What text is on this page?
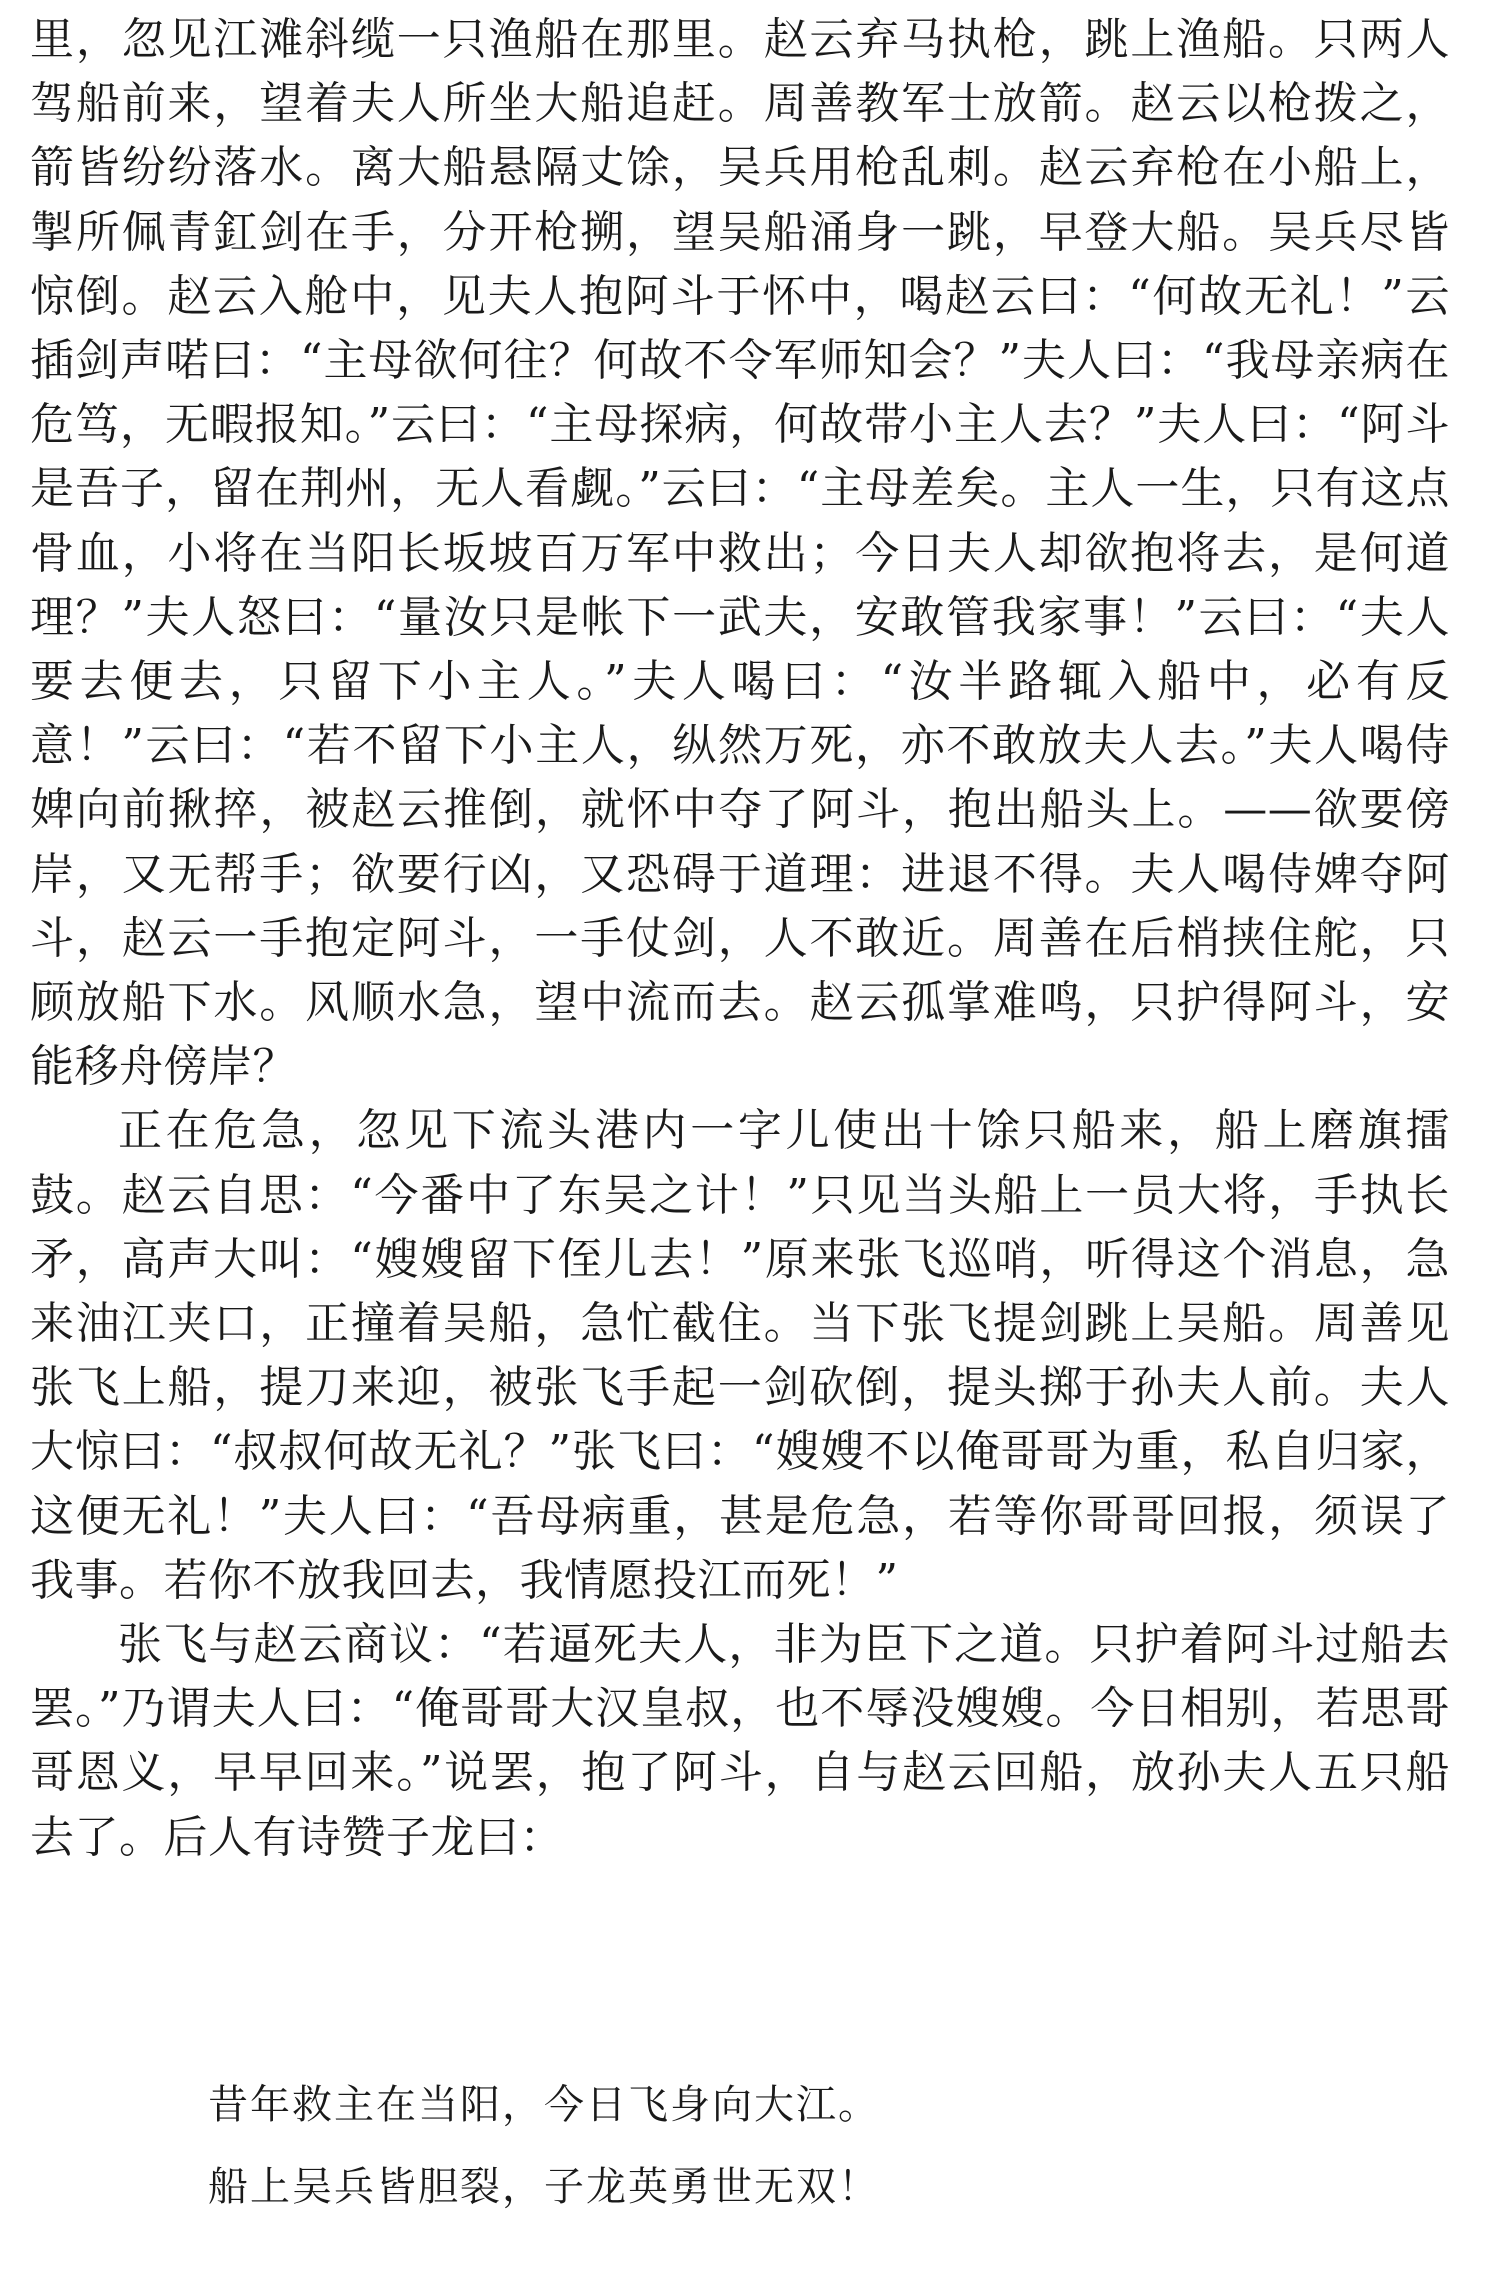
里，忽见江滩斜缆一只渔船在那里。赵云弃马执枪，跳上渔船。只两人驾船前来，望着夫人所坐大船追赶。周善教军士放箭。赵云以枪拨之，箭皆纷纷落水。离大船悬隔丈馀，吴兵用枪乱刺。赵云弃枪在小船上，掣所佩青釭剑在手，分开枪搠，望吴船涌身一跳，早登大船。吴兵尽皆惊倒。赵云入舱中，见夫人抱阿斗于怀中，喝赵云曰：“何故无礼！”云插剑声喏曰：“主母欲何往？何故不令军师知会？”夫人曰：“我母亲病在危笃，无暇报知。”云曰：“主母探病，何故带小主人去？”夫人曰：“阿斗是吾子，留在荆州，无人看觑。”云曰：“主母差矣。主人一生，只有这点骨血，小将在当阳长坂坡百万军中救出；今日夫人却欲抱将去，是何道理？”夫人怒曰：“量汝只是帐下一武夫，安敢管我家事！”云曰：“夫人要去便去，只留下小主人。”夫人喝曰：“汝半路辄入船中，必有反意！”云曰：“若不留下小主人，纵然万死，亦不敢放夫人去。”夫人喝侍婢向前揪捽，被赵云推倒，就怀中夺了阿斗，抱出船头上。——欲要傍岸，又无帮手；欲要行凶，又恐碍于道理：进退不得。夫人喝侍婢夺阿斗，赵云一手抱定阿斗，一手仗剑，人不敢近。周善在后梢挟住舵，只顾放船下水。风顺水急，望中流而去。赵云孤掌难鸣，只护得阿斗，安能移舟傍岸？

正在危急，忽见下流头港内一字儿使出十馀只船来，船上磨旗擂鼓。赵云自思：“今番中了东吴之计！”只见当头船上一员大将，手执长矛，高声大叫：“嫂嫂留下侄儿去！”原来张飞巡哨，听得这个消息，急来油江夹口，正撞着吴船，急忙截住。当下张飞提剑跳上吴船。周善见张飞上船，提刀来迎，被张飞手起一剑砍倒，提头掷于孙夫人前。夫人大惊曰：“叔叔何故无礼？”张飞曰：“嫂嫂不以俺哥哥为重，私自归家，这便无礼！”夫人曰：“吾母病重，甚是危急，若等你哥哥回报，须误了我事。若你不放我回去，我情愿投江而死！”

张飞与赵云商议：“若逼死夫人，非为臣下之道。只护着阿斗过船去罢。”乃谓夫人曰：“俺哥哥大汉皇叔，也不辱没嫂嫂。今日相别，若思哥哥恩义，早早回来。”说罢，抱了阿斗，自与赵云回船，放孙夫人五只船去了。后人有诗赞子龙曰：

昔年救主在当阳，今日飞身向大江。
船上吴兵皆胆裂，子龙英勇世无双！
